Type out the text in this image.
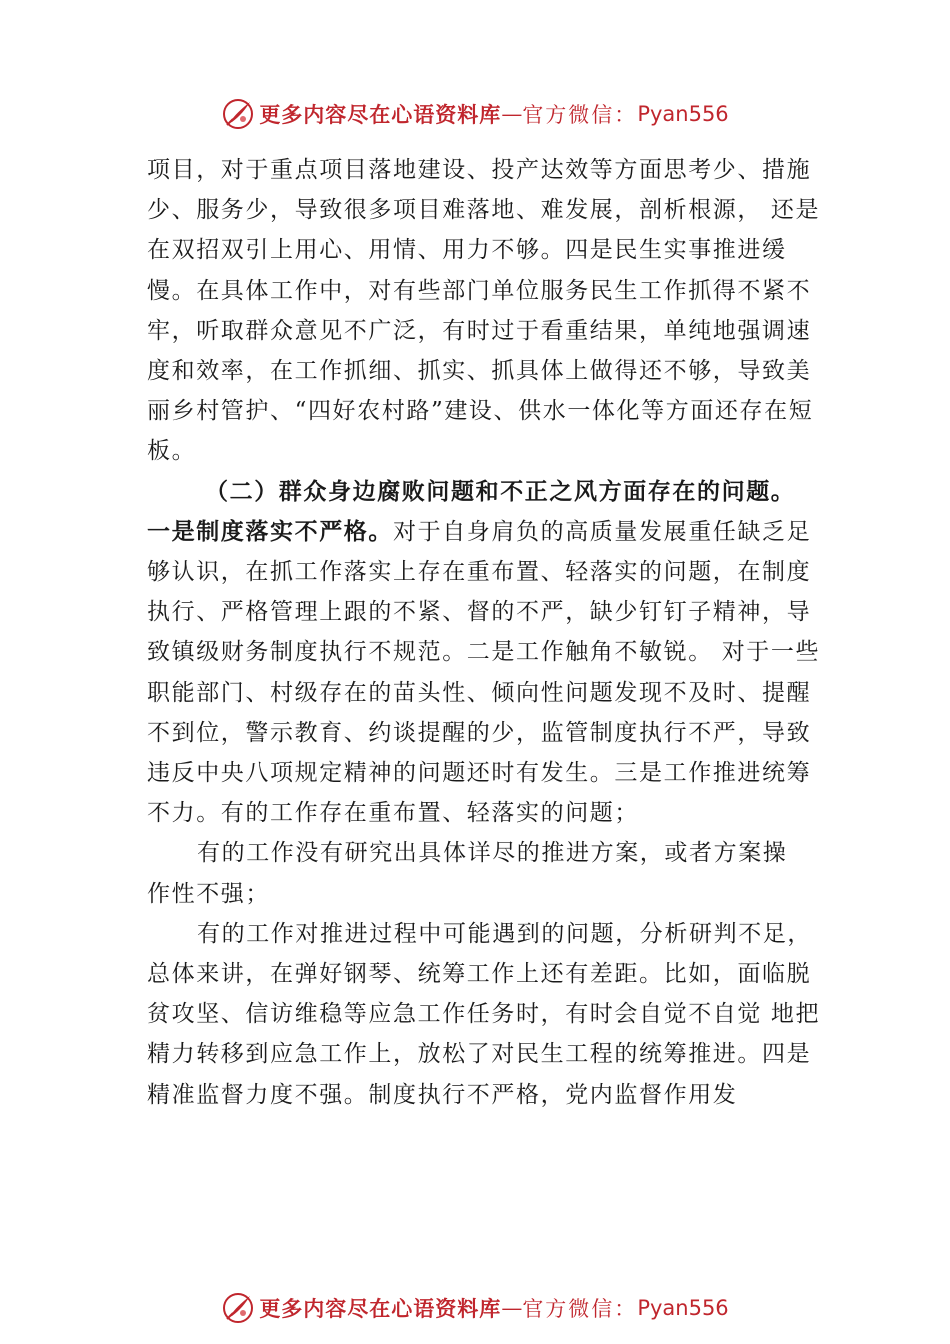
更多内容尽在心语资料库 — 官方微信： Pyan556

项目，对于重点项目落地建设、投产达效等方面思考少、措施少、服务少，导致很多项目难落地、难发展，剖析根源， 还是在双招双引上用心、用情、用力不够。四是民生实事推进缓慢。在具体工作中，对有些部门单位服务民生工作抓得不紧不牢，听取群众意见不广泛，有时过于看重结果，单纯地强调速度和效率，在工作抓细、抓实、抓具体上做得还不够，导致美丽乡村管护、“四好农村路”建设、供水一体化等方面还存在短板。

（二）群众身边腐败问题和不正之风方面存在的问题。

一是制度落实不严格。对于自身肩负的高质量发展重任缺乏足够认识，在抓工作落实上存在重布置、轻落实的问题，在制度执行、严格管理上跟的不紧、督的不严，缺少钉钉子精神，导致镇级财务制度执行不规范。二是工作触角不敏锐。 对于一些职能部门、村级存在的苗头性、倾向性问题发现不及时、提醒不到位，警示教育、约谈提醒的少，监管制度执行不严，导致违反中央八项规定精神的问题还时有发生。三是工作推进统筹不力。有的工作存在重布置、轻落实的问题；

有的工作没有研究出具体详尽的推进方案，或者方案操

作性不强；

有的工作对推进过程中可能遇到的问题，分析研判不足，总体来讲，在弹好钢琴、统筹工作上还有差距。比如，面临脱贫攻坚、信访维稳等应急工作任务时，有时会自觉不自觉 地把精力转移到应急工作上，放松了对民生工程的统筹推进。四是精准监督力度不强。制度执行不严格，党内监督作用发

更多内容尽在心语资料库 — 官方微信： Pyan556
